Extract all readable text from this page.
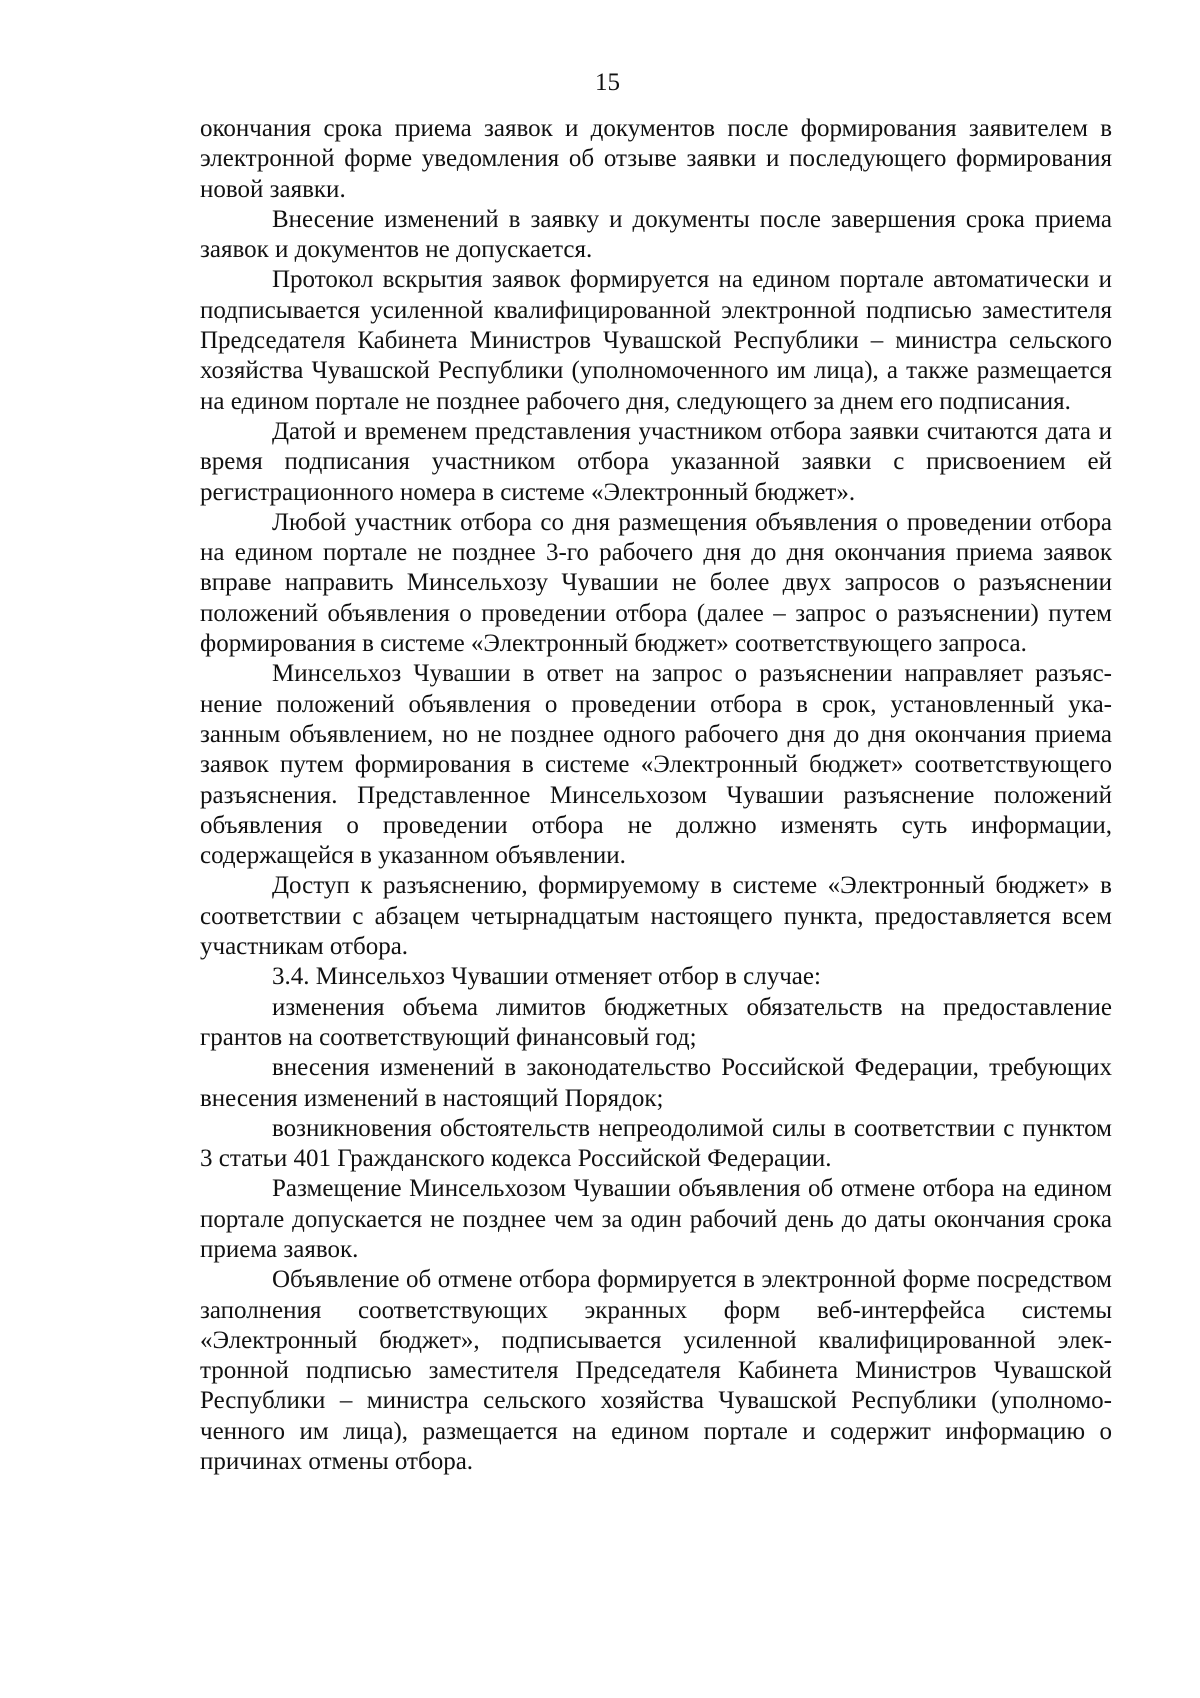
15

окончания срока приема заявок и документов после формирования заявителем в электронной форме уведомления об отзыве заявки и последующего формирования новой заявки.

Внесение изменений в заявку и документы после завершения срока приема заявок и документов не допускается.

Протокол вскрытия заявок формируется на едином портале автоматически и подписывается усиленной квалифицированной электронной подписью заместителя Председателя Кабинета Министров Чувашской Республики – министра сельского хозяйства Чувашской Республики (уполномоченного им лица), а также размещается на едином портале не позднее рабочего дня, следующего за днем его подписания.

Датой и временем представления участником отбора заявки считаются дата и время подписания участником отбора указанной заявки с присвоением ей регистрационного номера в системе «Электронный бюджет».

Любой участник отбора со дня размещения объявления о проведении отбора на едином портале не позднее 3-го рабочего дня до дня окончания приема заявок вправе направить Минсельхозу Чувашии не более двух запросов о разъяснении положений объявления о проведении отбора (далее – запрос о разъяснении) путем формирования в системе «Электронный бюджет» соответствующего запроса.

Минсельхоз Чувашии в ответ на запрос о разъяснении направляет разъяснение положений объявления о проведении отбора в срок, установленный указанным объявлением, но не позднее одного рабочего дня до дня окончания приема заявок путем формирования в системе «Электронный бюджет» соответствующего разъяснения. Представленное Минсельхозом Чувашии разъяснение положений объявления о проведении отбора не должно изменять суть информации, содержащейся в указанном объявлении.

Доступ к разъяснению, формируемому в системе «Электронный бюджет» в соответствии с абзацем четырнадцатым настоящего пункта, предоставляется всем участникам отбора.

3.4. Минсельхоз Чувашии отменяет отбор в случае:

изменения объема лимитов бюджетных обязательств на предоставление грантов на соответствующий финансовый год;

внесения изменений в законодательство Российской Федерации, требующих внесения изменений в настоящий Порядок;

возникновения обстоятельств непреодолимой силы в соответствии с пунктом 3 статьи 401 Гражданского кодекса Российской Федерации.

Размещение Минсельхозом Чувашии объявления об отмене отбора на едином портале допускается не позднее чем за один рабочий день до даты окончания срока приема заявок.

Объявление об отмене отбора формируется в электронной форме посредством заполнения соответствующих экранных форм веб-интерфейса системы «Электронный бюджет», подписывается усиленной квалифицированной электронной подписью заместителя Председателя Кабинета Министров Чувашской Республики – министра сельского хозяйства Чувашской Республики (уполномоченного им лица), размещается на едином портале и содержит информацию о причинах отмены отбора.
